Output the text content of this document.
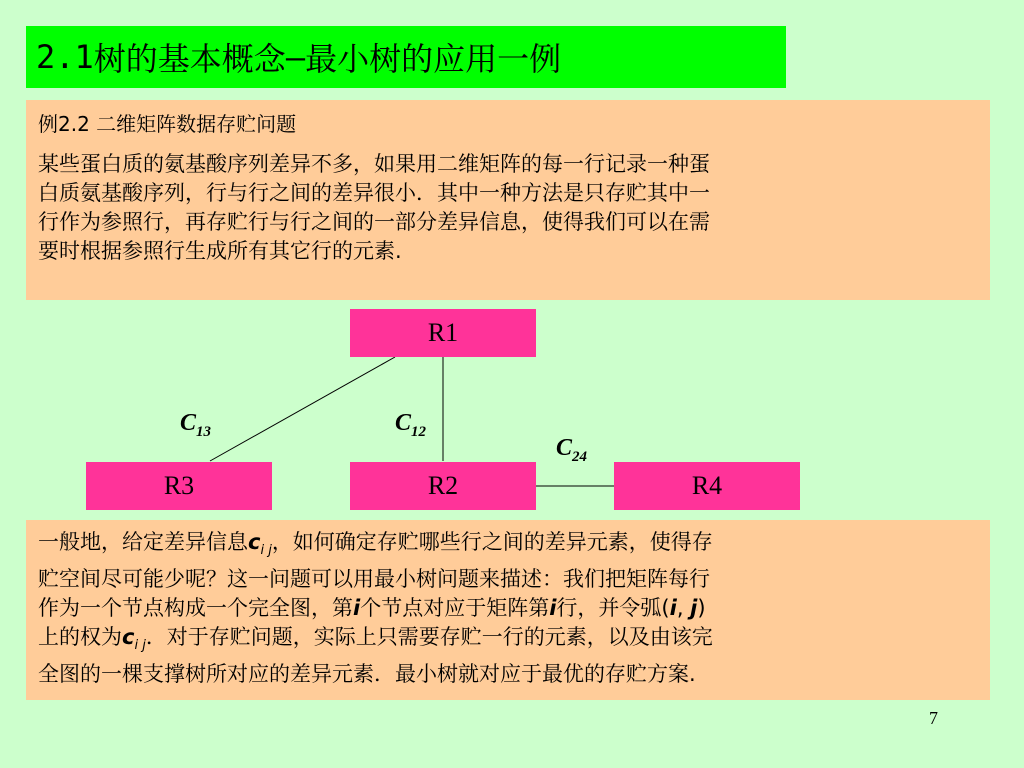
2.1 树的基本概念 – 最小树的应用一例
例2.2 二维矩阵数据存贮问题
某些蛋白质的氨基酸序列差异不多，如果用二维矩阵的每一行记录一种蛋
白质氨基酸序列，行与行之间的差异很小．其中一种方法是只存贮其中一
行作为参照行，再存贮行与行之间的一部分差异信息，使得我们可以在需
要时根据参照行生成所有其它行的元素.
R1
R3	R2	R4
$C_{13}$	$C_{12}$
$C_{24}$
一般地，给定差异信息$c_{i j}$，如何确定存贮哪些行之间的差异元素，使得存
贮空间尽可能少呢？这一问题可以用最小树问题来描述：我们把矩阵每行
作为一个节点构成一个完全图，第i个节点对应于矩阵第i行，并令弧(i, j)
上的权为$c_{i j}$．对于存贮问题，实际上只需要存贮一行的元素，以及由该完
全图的一棵支撑树所对应的差异元素．最小树就对应于最优的存贮方案.
7
